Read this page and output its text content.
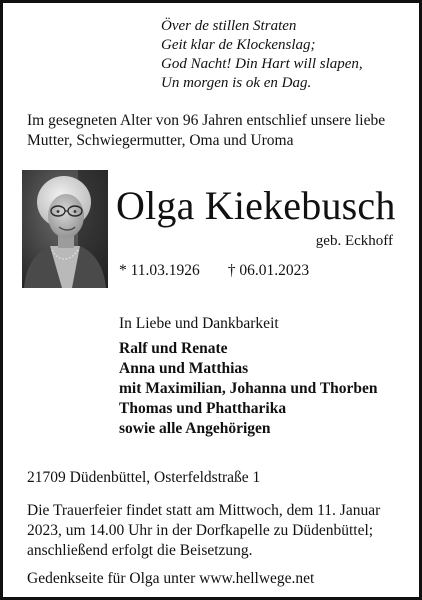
Över de stillen Straten
Geit klar de Klockenslag;
God Nacht! Din Hart will slapen,
Un morgen is ok en Dag.
Im gesegneten Alter von 96 Jahren entschlief unsere liebe
Mutter, Schwiegermutter, Oma und Uroma
Olga Kiekebusch
geb. Eckhoff
* 11.03.1926 † 06.01.2023
In Liebe und Dankbarkeit
Ralf und Renate
Anna und Matthias
mit Maximilian, Johanna und Thorben
Thomas und Phattharika
sowie alle Angehörigen
21709 Düdenbüttel, Osterfeldstraße 1
Die Trauerfeier findet statt am Mittwoch, dem 11. Januar
2023, um 14.00 Uhr in der Dorfkapelle zu Düdenbüttel;
anschließend erfolgt die Beisetzung.
Gedenkseite für Olga unter www.hellwege.net
